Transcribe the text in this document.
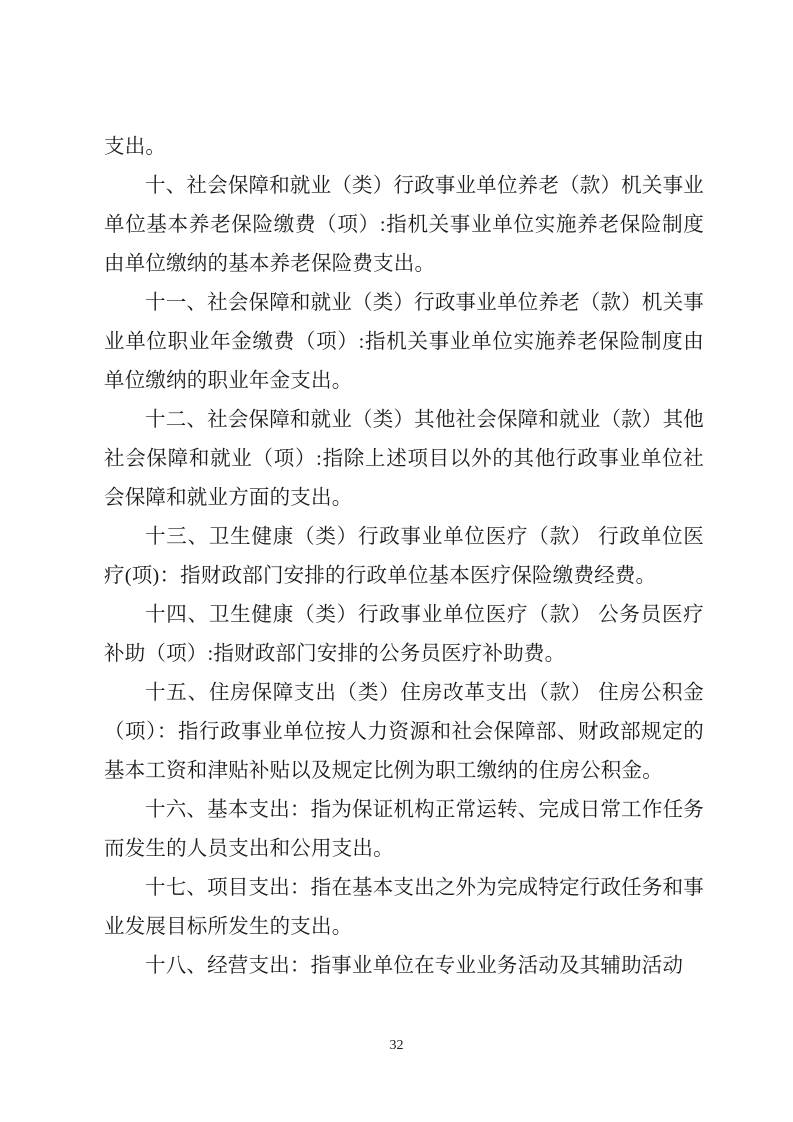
支出。

十、社会保障和就业（类）行政事业单位养老（款）机关事业单位基本养老保险缴费（项）:指机关事业单位实施养老保险制度由单位缴纳的基本养老保险费支出。

十一、社会保障和就业（类）行政事业单位养老（款）机关事业单位职业年金缴费（项）:指机关事业单位实施养老保险制度由单位缴纳的职业年金支出。

十二、社会保障和就业（类）其他社会保障和就业（款）其他社会保障和就业（项）:指除上述项目以外的其他行政事业单位社会保障和就业方面的支出。

十三、卫生健康（类）行政事业单位医疗（款） 行政单位医疗(项)：指财政部门安排的行政单位基本医疗保险缴费经费。

十四、卫生健康（类）行政事业单位医疗（款） 公务员医疗补助（项）:指财政部门安排的公务员医疗补助费。

十五、住房保障支出（类）住房改革支出（款） 住房公积金（项）：指行政事业单位按人力资源和社会保障部、财政部规定的基本工资和津贴补贴以及规定比例为职工缴纳的住房公积金。

十六、基本支出：指为保证机构正常运转、完成日常工作任务而发生的人员支出和公用支出。

十七、项目支出：指在基本支出之外为完成特定行政任务和事业发展目标所发生的支出。

十八、经营支出：指事业单位在专业业务活动及其辅助活动

32
